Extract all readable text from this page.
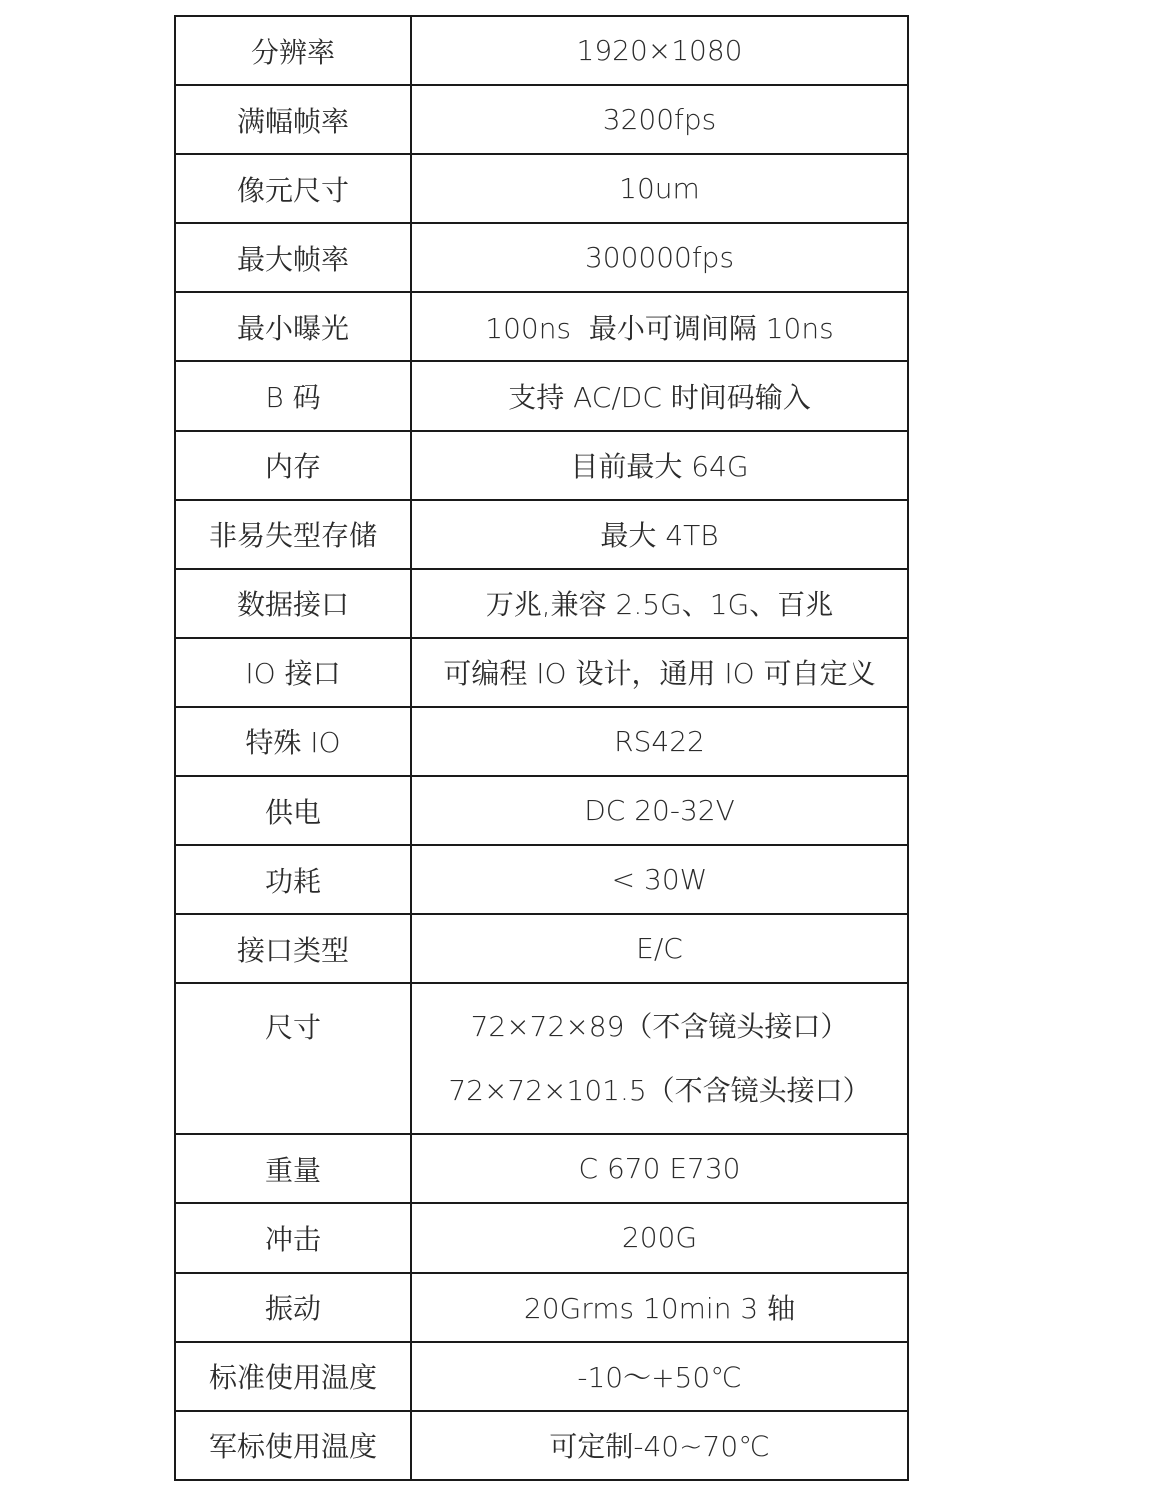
分辨率	1920×1080
满幅帧率	3200fps
像元尺寸	10um
最大帧率	300000fps
最小曝光	100ns  最小可调间隔 10ns
B 码	支持 AC/DC 时间码输入
内存	目前最大 64G
非易失型存储	最大 4TB
数据接口	万兆,兼容 2.5G、1G、百兆
IO 接口	可编程 IO 设计，通用 IO 可自定义
特殊 IO	RS422
供电	DC 20-32V
功耗	< 30W
接口类型	E/C
尺寸	72×72×89（不含镜头接口）
72×72×101.5（不含镜头接口）

重量	C 670 E730
冲击	200G
振动	20Grms 10min 3 轴
标准使用温度	-10～+50℃
军标使用温度	可定制-40~70℃
